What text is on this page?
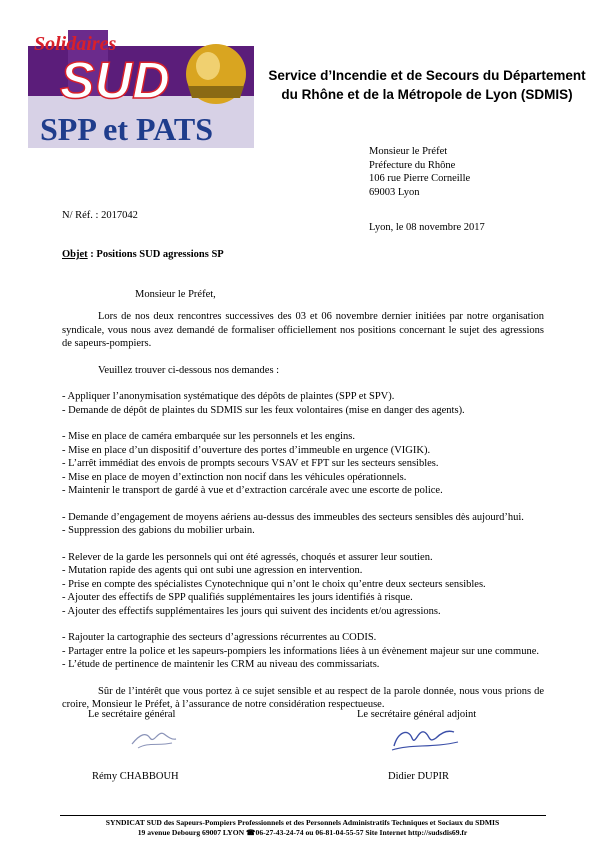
Solidaires
SUD
SPP et PATS
Service d’Incendie et de Secours du Département
du Rhône et de la Métropole de Lyon (SDMIS)
Monsieur le Préfet
Préfecture du Rhône
106 rue Pierre Corneille
69003 Lyon
N/ Réf. : 2017042
Lyon, le 08 novembre 2017
Objet : Positions SUD agressions SP
Monsieur le Préfet,

Lors de nos deux rencontres successives des 03 et 06 novembre dernier initiées par notre organisation syndicale, vous nous avez demandé de formaliser officiellement nos positions concernant le sujet des agressions de sapeurs-pompiers.

Veuillez trouver ci-dessous nos demandes :

- Appliquer l’anonymisation systématique des dépôts de plaintes (SPP et SPV).
- Demande de dépôt de plaintes du SDMIS sur les feux volontaires (mise en danger des agents).
- Mise en place de caméra embarquée sur les personnels et les engins.
- Mise en place d’un dispositif d’ouverture des portes d’immeuble en urgence (VIGIK).
- L’arrêt immédiat des envois de prompts secours VSAV et FPT sur les secteurs sensibles.
- Mise en place de moyen d’extinction non nocif dans les véhicules opérationnels.
- Maintenir le transport de gardé à vue et d’extraction carcérale avec une escorte de police.
- Demande d’engagement de moyens aériens au-dessus des immeubles des secteurs sensibles dès aujourd’hui.
- Suppression des gabions du mobilier urbain.
- Relever de la garde les personnels qui ont été agressés, choqués et assurer leur soutien.
- Mutation rapide des agents qui ont subi une agression en intervention.
- Prise en compte des spécialistes Cynotechnique qui n’ont le choix qu’entre deux secteurs sensibles.
- Ajouter des effectifs de SPP qualifiés supplémentaires les jours identifiés à risque.
- Ajouter des effectifs supplémentaires les jours qui suivent des incidents et/ou agressions.
- Rajouter la cartographie des secteurs d’agressions récurrentes au CODIS.
- Partager entre la police et les sapeurs-pompiers les informations liées à un évènement majeur sur une commune.
- L’étude de pertinence de maintenir les CRM au niveau des commissariats.

Sûr de l’intérêt que vous portez à ce sujet sensible et au respect de la parole donnée, nous vous prions de croire, Monsieur le Préfet, à l’assurance de notre considération respectueuse.

Le secrétaire général	Le secrétaire général adjoint
Rémy CHABBOUH	Didier DUPIR
SYNDICAT SUD des Sapeurs-Pompiers Professionnels et des Personnels Administratifs Techniques et Sociaux du SDMIS
19 avenue Debourg 69007 LYON ☎06-27-43-24-74 ou 06-81-04-55-57 Site Internet http://sudsdis69.fr
